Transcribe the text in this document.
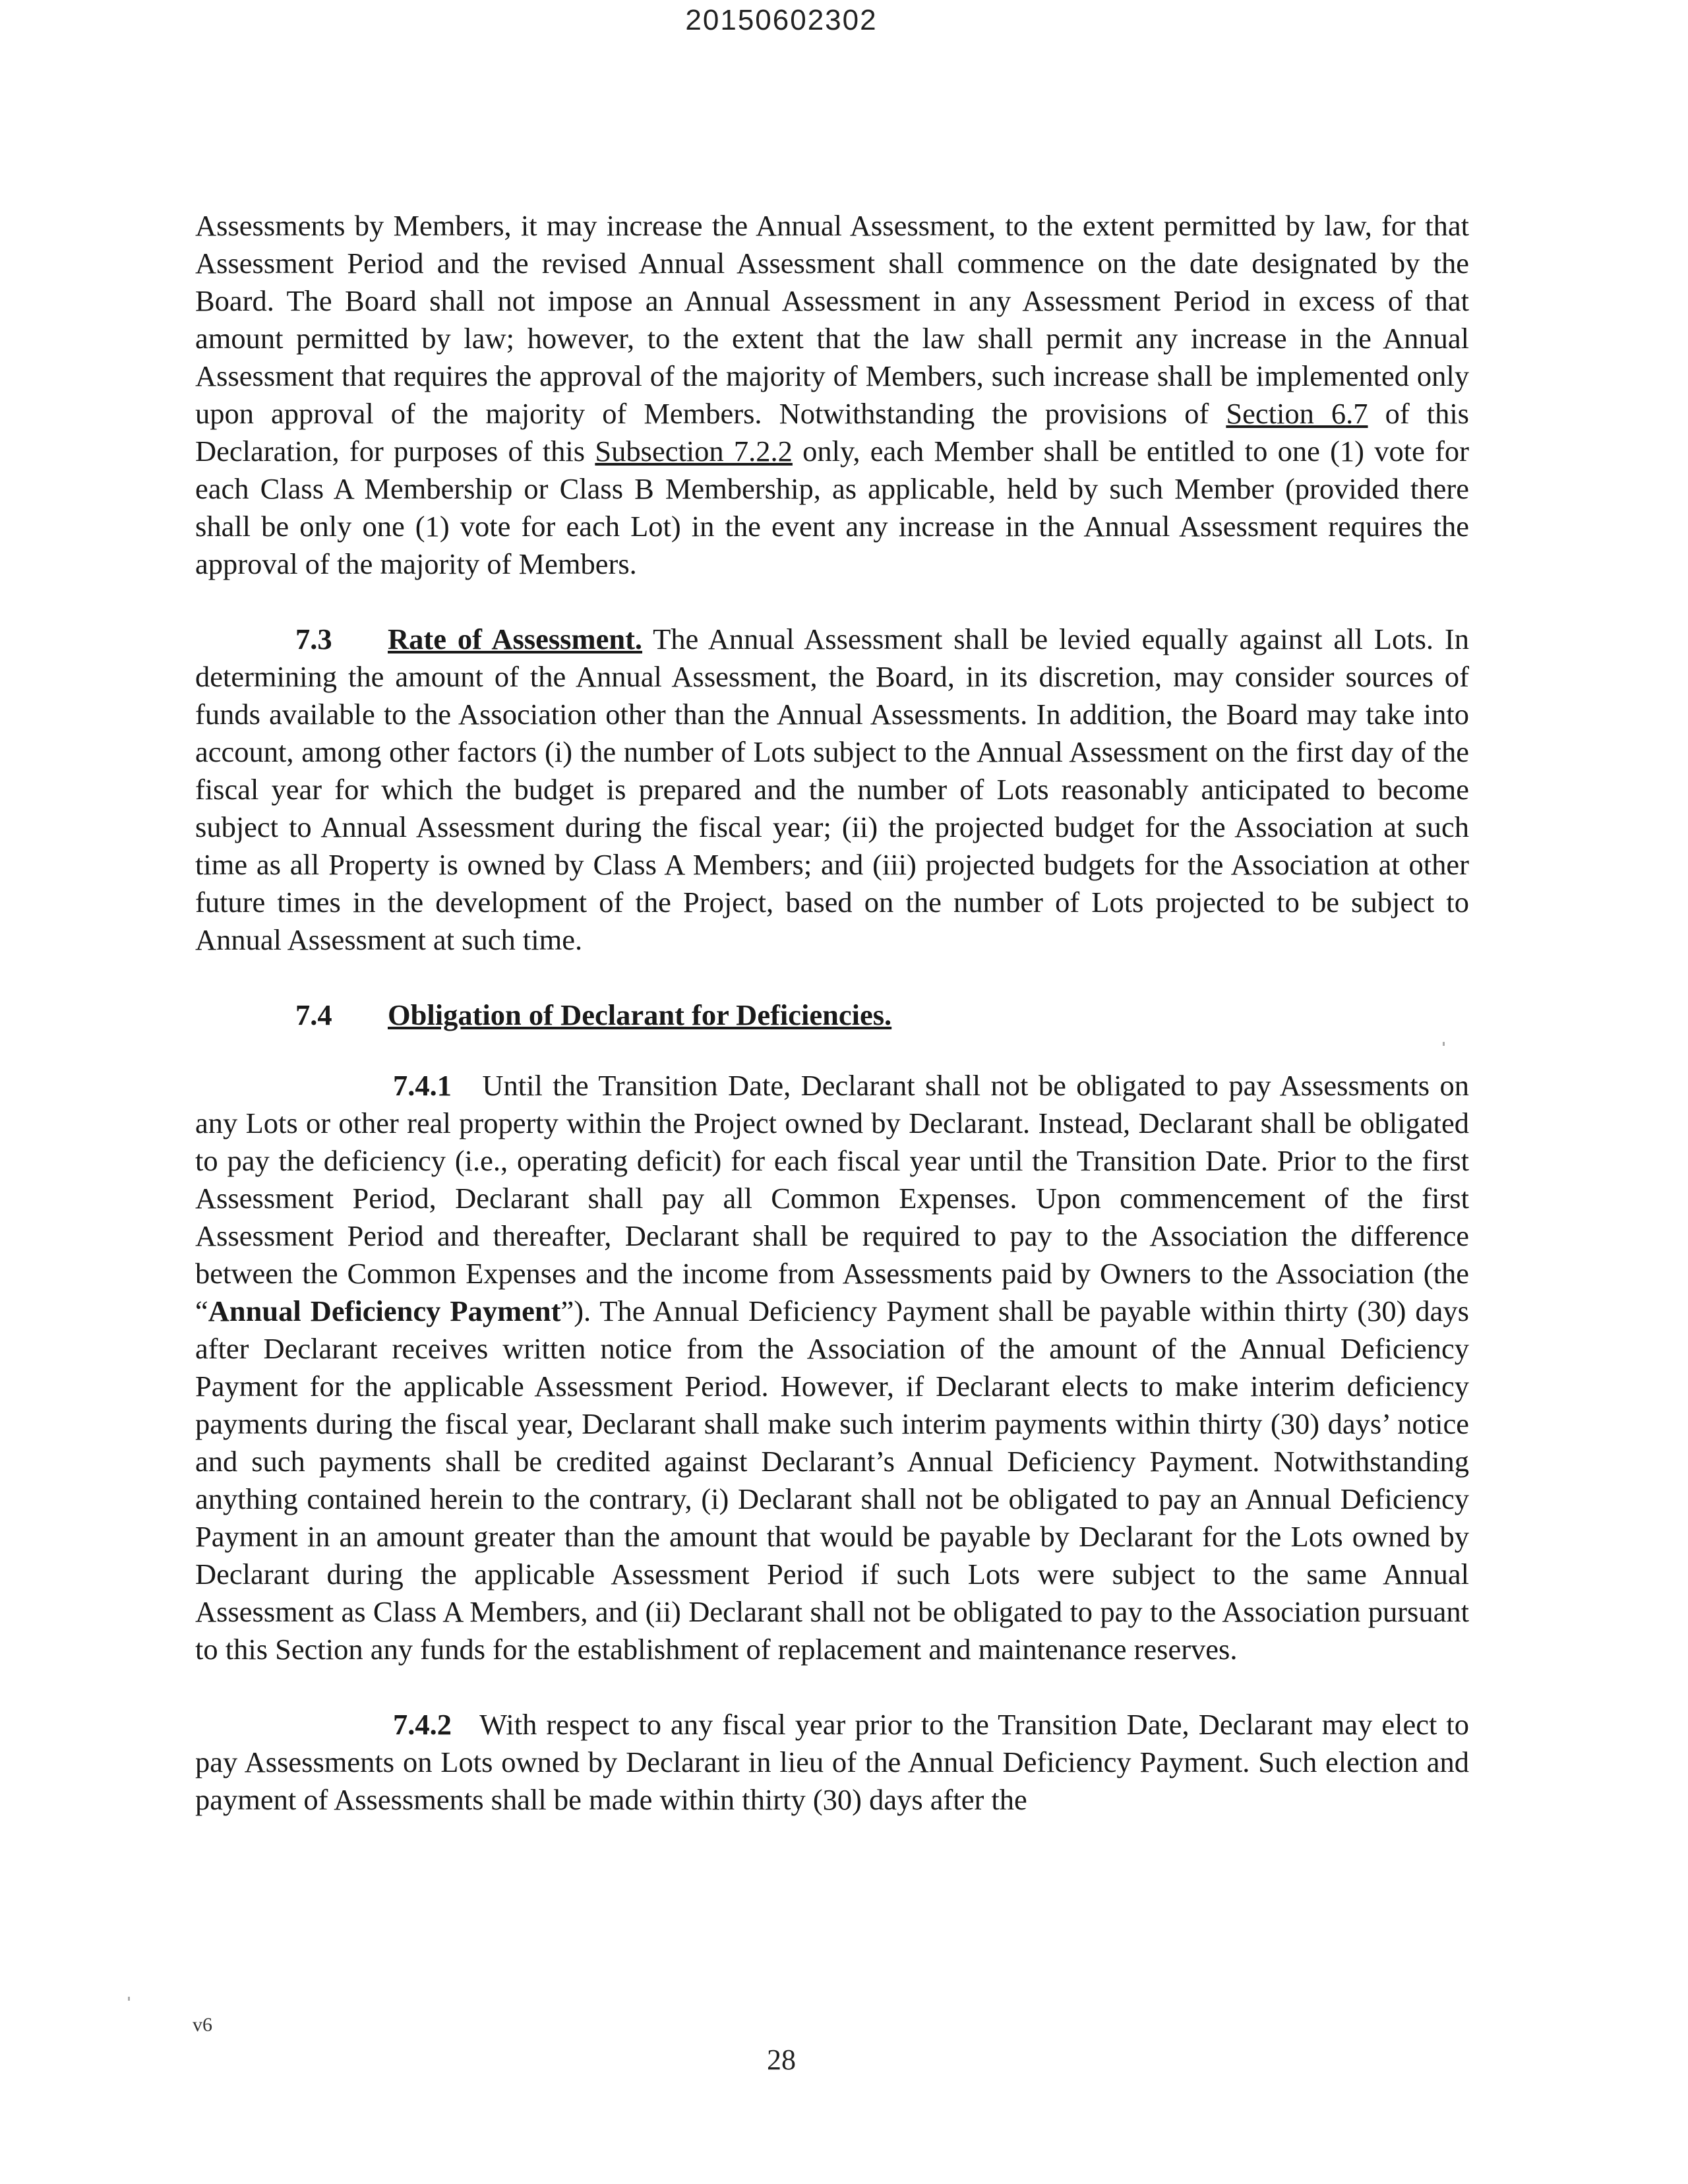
20150602302

Assessments by Members, it may increase the Annual Assessment, to the extent permitted by law, for that Assessment Period and the revised Annual Assessment shall commence on the date designated by the Board. The Board shall not impose an Annual Assessment in any Assessment Period in excess of that amount permitted by law; however, to the extent that the law shall permit any increase in the Annual Assessment that requires the approval of the majority of Members, such increase shall be implemented only upon approval of the majority of Members. Notwithstanding the provisions of Section 6.7 of this Declaration, for purposes of this Subsection 7.2.2 only, each Member shall be entitled to one (1) vote for each Class A Membership or Class B Membership, as applicable, held by such Member (provided there shall be only one (1) vote for each Lot) in the event any increase in the Annual Assessment requires the approval of the majority of Members.

7.3 Rate of Assessment. The Annual Assessment shall be levied equally against all Lots. In determining the amount of the Annual Assessment, the Board, in its discretion, may consider sources of funds available to the Association other than the Annual Assessments. In addition, the Board may take into account, among other factors (i) the number of Lots subject to the Annual Assessment on the first day of the fiscal year for which the budget is prepared and the number of Lots reasonably anticipated to become subject to Annual Assessment during the fiscal year; (ii) the projected budget for the Association at such time as all Property is owned by Class A Members; and (iii) projected budgets for the Association at other future times in the development of the Project, based on the number of Lots projected to be subject to Annual Assessment at such time.

7.4 Obligation of Declarant for Deficiencies.

7.4.1 Until the Transition Date, Declarant shall not be obligated to pay Assessments on any Lots or other real property within the Project owned by Declarant. Instead, Declarant shall be obligated to pay the deficiency (i.e., operating deficit) for each fiscal year until the Transition Date. Prior to the first Assessment Period, Declarant shall pay all Common Expenses. Upon commencement of the first Assessment Period and thereafter, Declarant shall be required to pay to the Association the difference between the Common Expenses and the income from Assessments paid by Owners to the Association (the “Annual Deficiency Payment”). The Annual Deficiency Payment shall be payable within thirty (30) days after Declarant receives written notice from the Association of the amount of the Annual Deficiency Payment for the applicable Assessment Period. However, if Declarant elects to make interim deficiency payments during the fiscal year, Declarant shall make such interim payments within thirty (30) days’ notice and such payments shall be credited against Declarant’s Annual Deficiency Payment. Notwithstanding anything contained herein to the contrary, (i) Declarant shall not be obligated to pay an Annual Deficiency Payment in an amount greater than the amount that would be payable by Declarant for the Lots owned by Declarant during the applicable Assessment Period if such Lots were subject to the same Annual Assessment as Class A Members, and (ii) Declarant shall not be obligated to pay to the Association pursuant to this Section any funds for the establishment of replacement and maintenance reserves.

7.4.2 With respect to any fiscal year prior to the Transition Date, Declarant may elect to pay Assessments on Lots owned by Declarant in lieu of the Annual Deficiency Payment. Such election and payment of Assessments shall be made within thirty (30) days after the

v6
28
